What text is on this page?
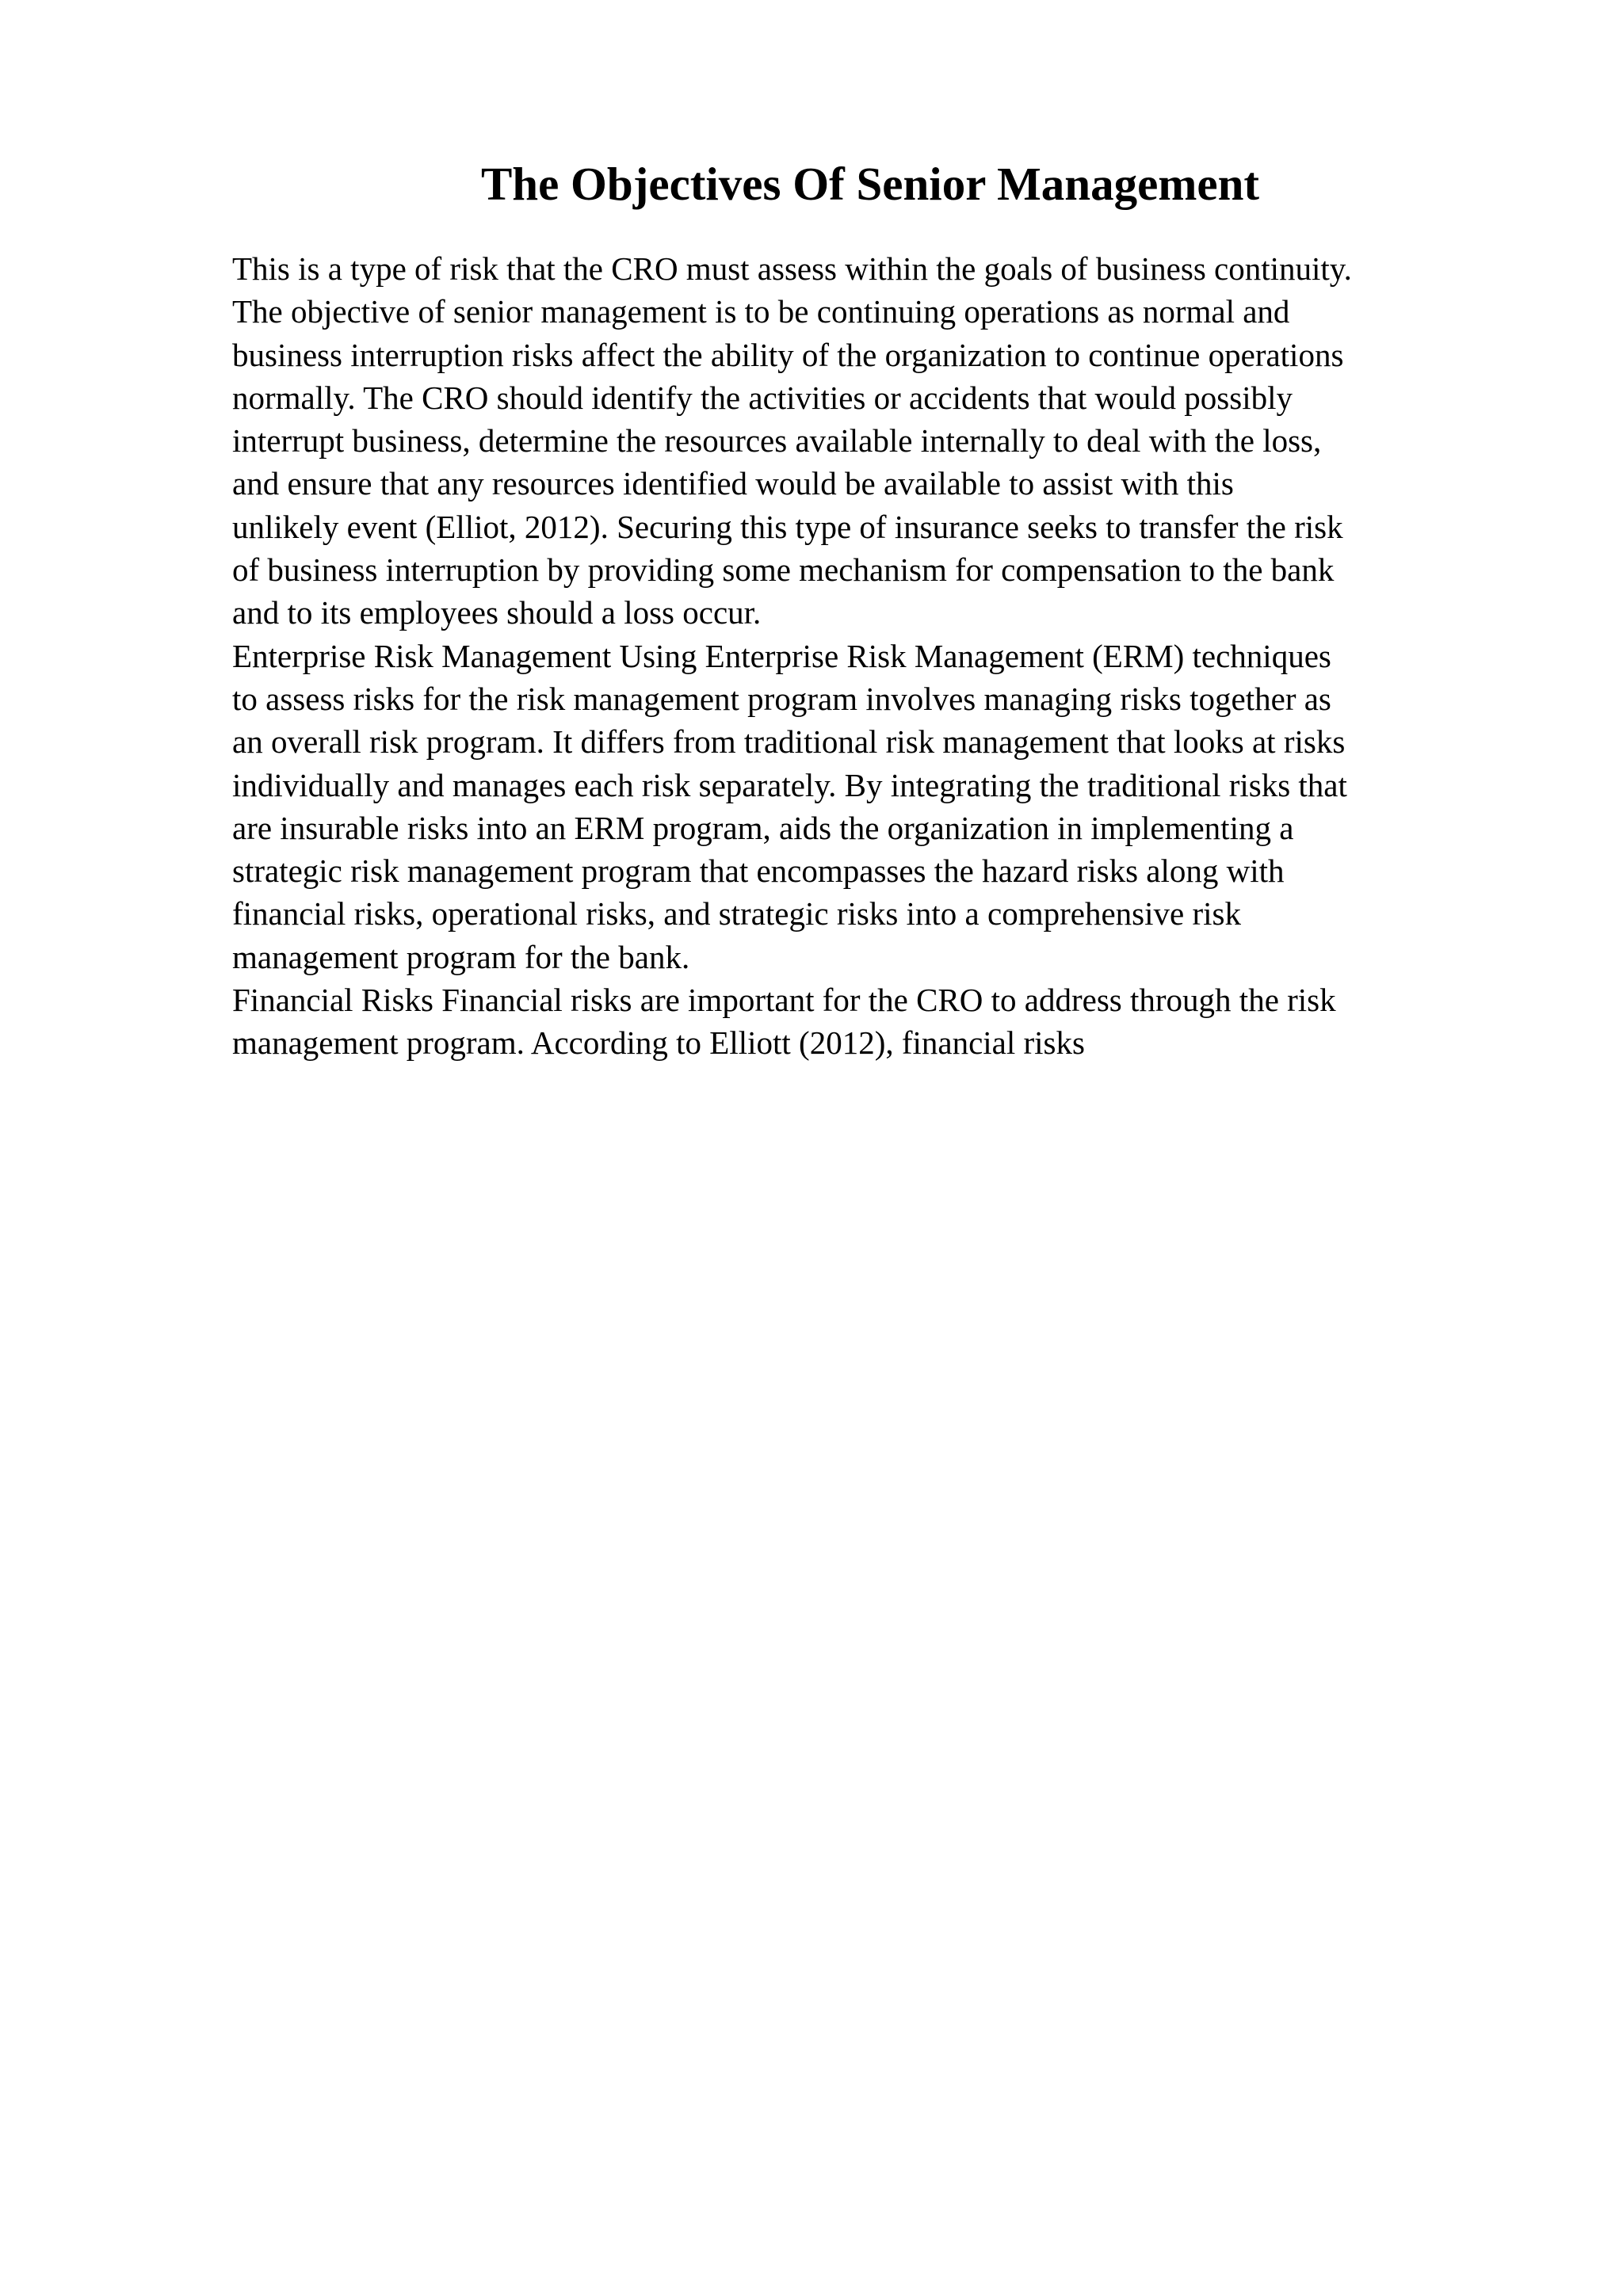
The Objectives Of Senior Management

This is a type of risk that the CRO must assess within the goals of business continuity.
The objective of senior management is to be continuing operations as normal and
business interruption risks affect the ability of the organization to continue operations
normally. The CRO should identify the activities or accidents that would possibly
interrupt business, determine the resources available internally to deal with the loss,
and ensure that any resources identified would be available to assist with this
unlikely event (Elliot, 2012). Securing this type of insurance seeks to transfer the risk
of business interruption by providing some mechanism for compensation to the bank
and to its employees should a loss occur.

Enterprise Risk Management Using Enterprise Risk Management (ERM) techniques
to assess risks for the risk management program involves managing risks together as
an overall risk program. It differs from traditional risk management that looks at risks
individually and manages each risk separately. By integrating the traditional risks that
are insurable risks into an ERM program, aids the organization in implementing a
strategic risk management program that encompasses the hazard risks along with
financial risks, operational risks, and strategic risks into a comprehensive risk
management program for the bank.

Financial Risks Financial risks are important for the CRO to address through the risk
management program. According to Elliott (2012), financial risks
